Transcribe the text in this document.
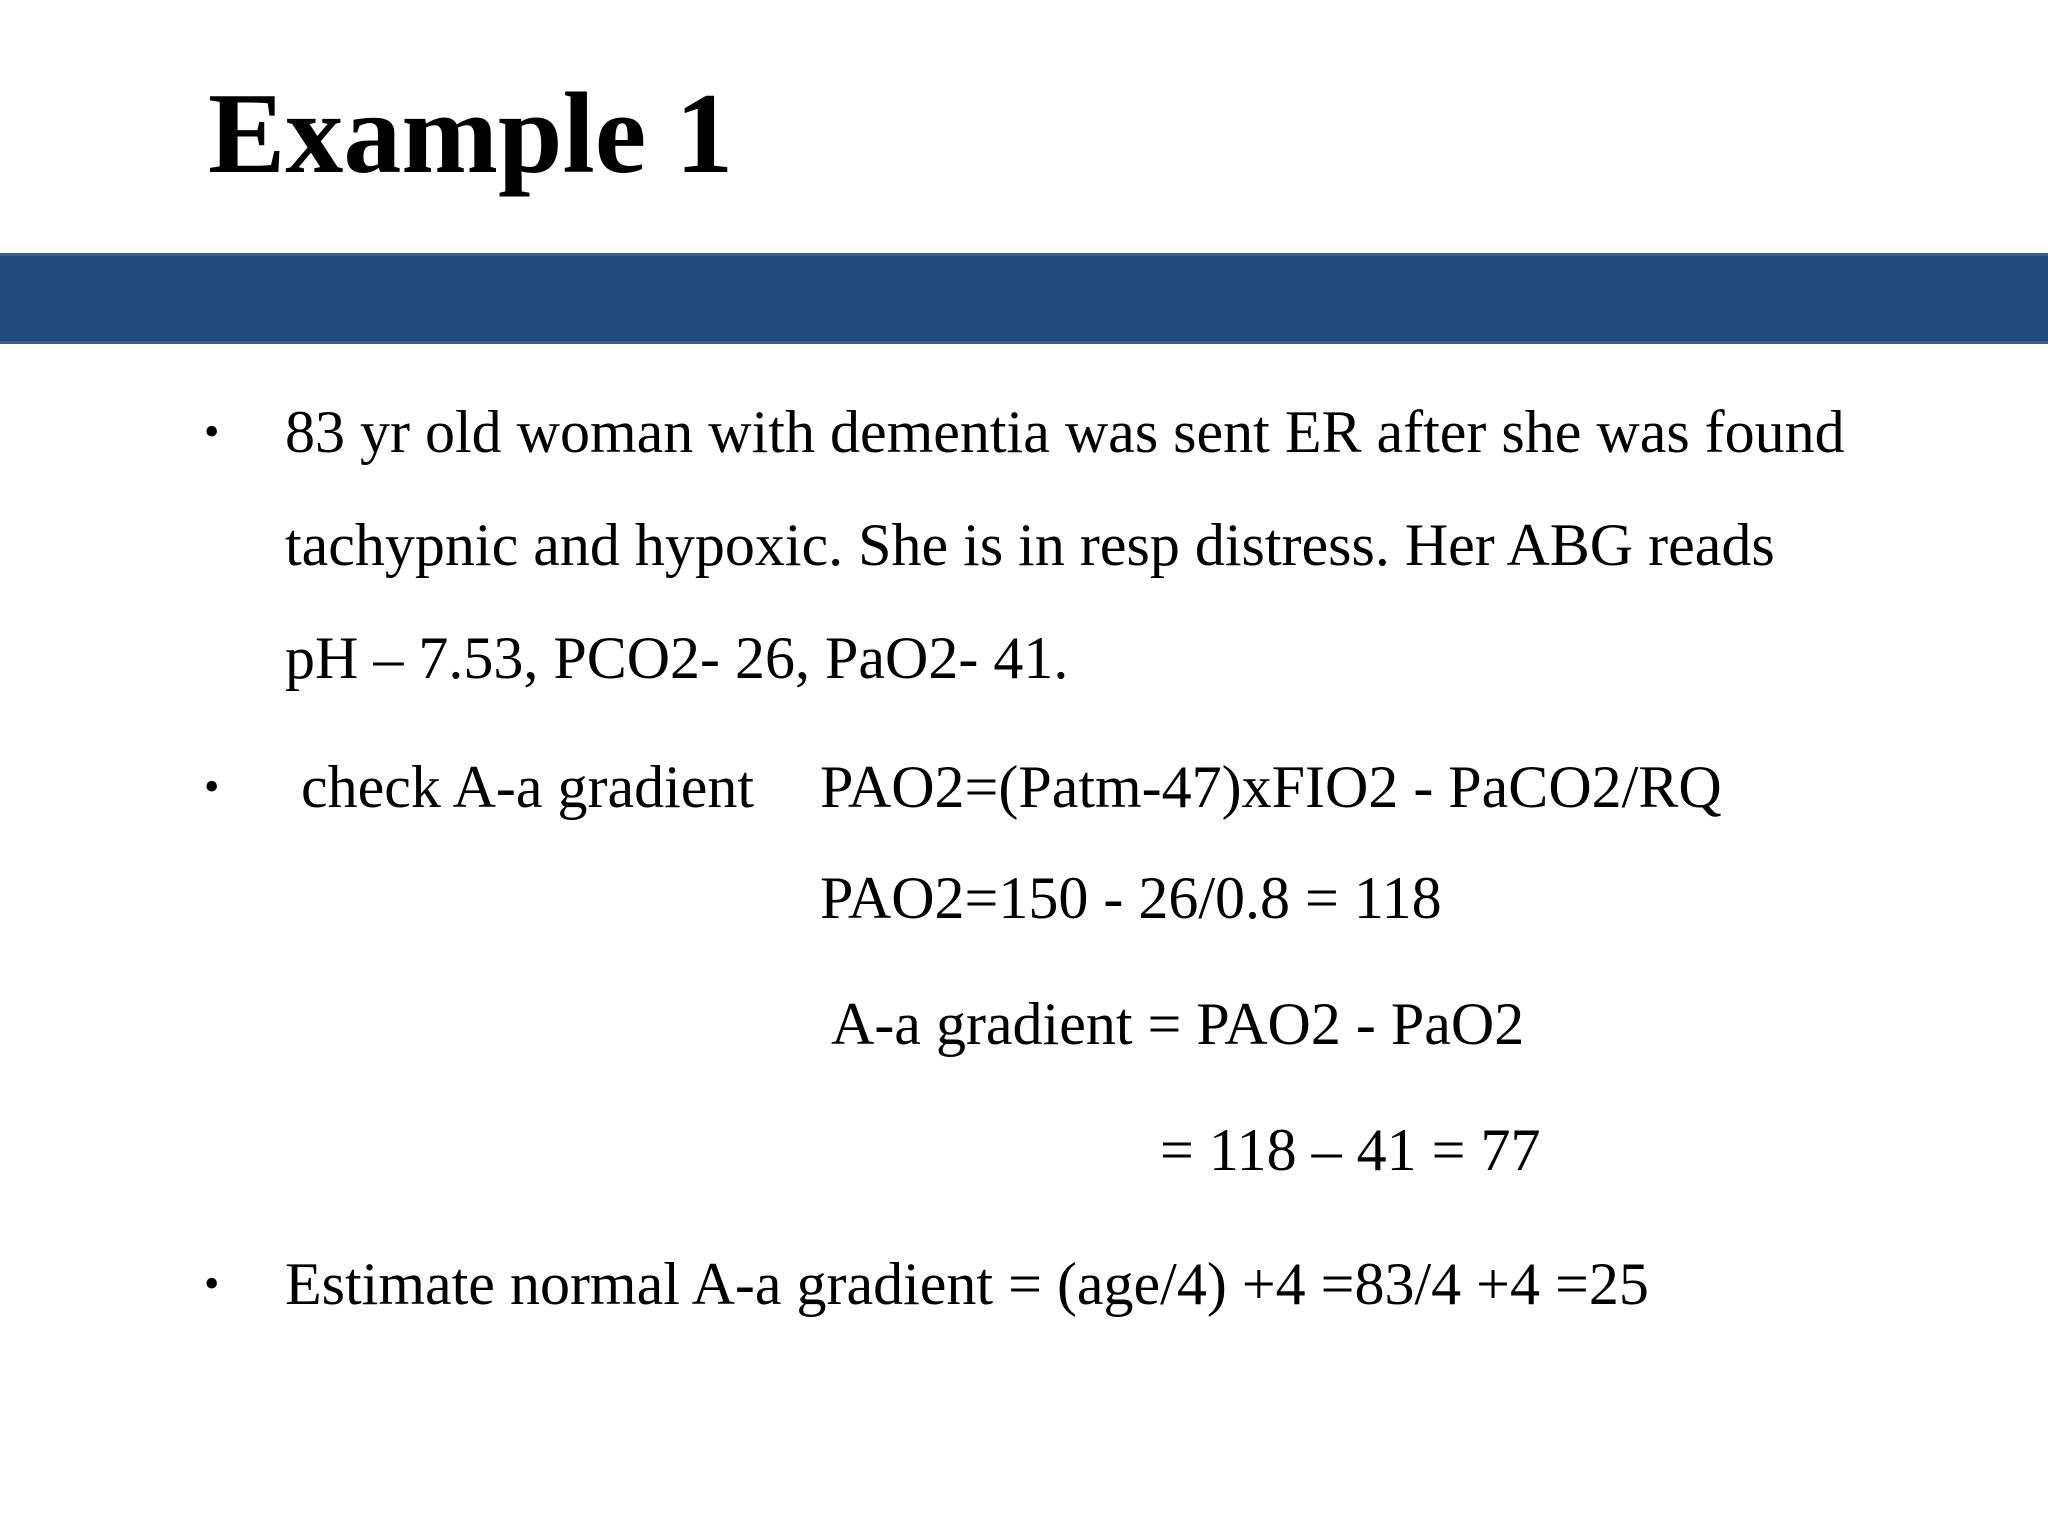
Example 1
• 83 yr old woman with dementia was sent ER after she was found

tachypnic and hypoxic. She is in resp distress. Her ABG reads

pH – 7.53, PCO2- 26, PaO2- 41.

• check A-a gradient PAO2=(Patm-47)xFIO2 - PaCO2/RQ

PAO2=150 - 26/0.8 = 118

A-a gradient = PAO2 - PaO2

= 118 – 41 = 77

• Estimate normal A-a gradient = (age/4) +4 =83/4 +4 =25
